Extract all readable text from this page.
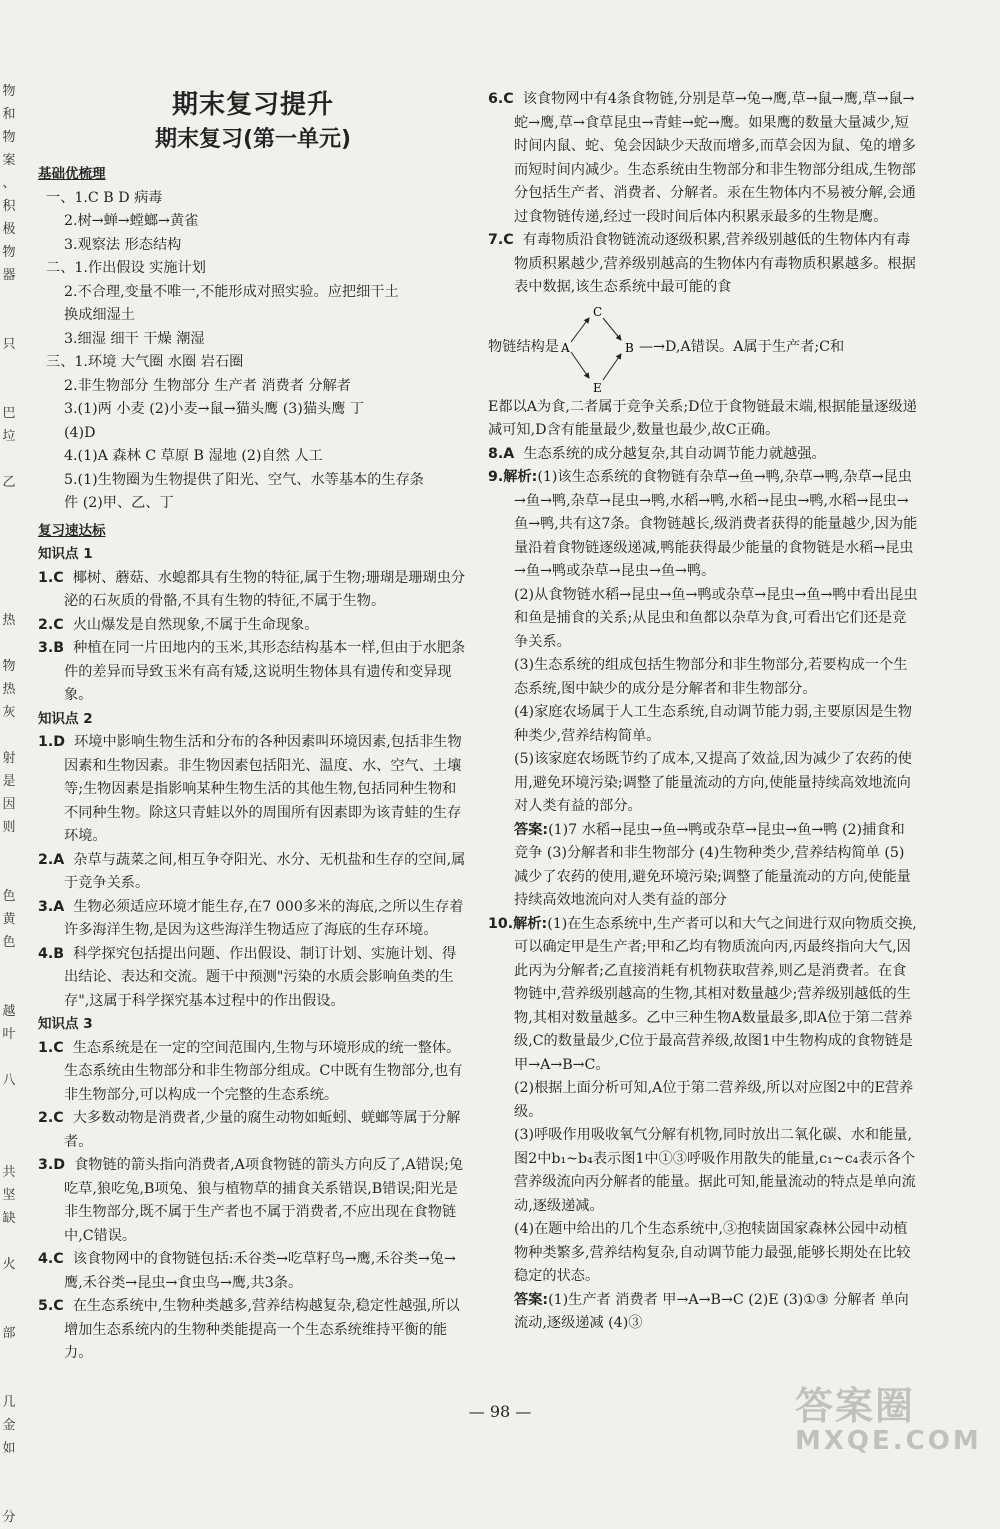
物
和
物
案
、
积
极
物
器
只
巴
垃
乙
热
物
热
灰
射
是
因
则
色
黄
色
越
叶
八
共
坚
缺
火
部
几
金
如
分
期末复习提升
期末复习(第一单元)
基础优梳理
一、1.C B D 病毒
2.树→蝉→螳螂→黄雀
3.观察法 形态结构
二、1.作出假设 实施计划
2.不合理,变量不唯一,不能形成对照实验。应把细干土
换成细湿土
3.细湿 细干 干燥 潮湿
三、1.环境 大气圈 水圈 岩石圈
2.非生物部分 生物部分 生产者 消费者 分解者
3.(1)两 小麦 (2)小麦→鼠→猫头鹰 (3)猫头鹰 丁
(4)D
4.(1)A 森林 C 草原 B 湿地 (2)自然 人工
5.(1)生物圈为生物提供了阳光、空气、水等基本的生存条
件 (2)甲、乙、丁
复习速达标
知识点 1
1.C 椰树、蘑菇、水螅都具有生物的特征,属于生物;珊瑚是珊瑚虫分泌的石灰质的骨骼,不具有生物的特征,不属于生物。
2.C 火山爆发是自然现象,不属于生命现象。
3.B 种植在同一片田地内的玉米,其形态结构基本一样,但由于水肥条件的差异而导致玉米有高有矮,这说明生物体具有遗传和变异现象。
知识点 2
1.D 环境中影响生物生活和分布的各种因素叫环境因素,包括非生物因素和生物因素。非生物因素包括阳光、温度、水、空气、土壤等;生物因素是指影响某种生物生活的其他生物,包括同种生物和不同种生物。除这只青蛙以外的周围所有因素即为该青蛙的生存环境。
2.A 杂草与蔬菜之间,相互争夺阳光、水分、无机盐和生存的空间,属于竞争关系。
3.A 生物必须适应环境才能生存,在7 000多米的海底,之所以生存着许多海洋生物,是因为这些海洋生物适应了海底的生存环境。
4.B 科学探究包括提出问题、作出假设、制订计划、实施计划、得出结论、表达和交流。题干中预测"污染的水质会影响鱼类的生存",这属于科学探究基本过程中的作出假设。
知识点 3
1.C 生态系统是在一定的空间范围内,生物与环境形成的统一整体。生态系统由生物部分和非生物部分组成。C中既有生物部分,也有非生物部分,可以构成一个完整的生态系统。
2.C 大多数动物是消费者,少量的腐生动物如蚯蚓、蜣螂等属于分解者。
3.D 食物链的箭头指向消费者,A项食物链的箭头方向反了,A错误;兔吃草,狼吃兔,B项兔、狼与植物草的捕食关系错误,B错误;阳光是非生物部分,既不属于生产者也不属于消费者,不应出现在食物链中,C错误。
4.C 该食物网中的食物链包括:禾谷类→吃草籽鸟→鹰,禾谷类→兔→鹰,禾谷类→昆虫→食虫鸟→鹰,共3条。
5.C 在生态系统中,生物种类越多,营养结构越复杂,稳定性越强,所以增加生态系统内的生物种类能提高一个生态系统维持平衡的能力。
6.C 该食物网中有4条食物链,分别是草→兔→鹰,草→鼠→鹰,草→鼠→蛇→鹰,草→食草昆虫→青蛙→蛇→鹰。如果鹰的数量大量减少,短时间内鼠、蛇、兔会因缺少天敌而增多,而草会因为鼠、兔的增多而短时间内减少。生态系统由生物部分和非生物部分组成,生物部分包括生产者、消费者、分解者。汞在生物体内不易被分解,会通过食物链传递,经过一段时间后体内积累汞最多的生物是鹰。
7.C 有毒物质沿食物链流动逐级积累,营养级别越低的生物体内有毒物质积累越少,营养级别越高的生物体内有毒物质积累越多。根据表中数据,该生态系统中最可能的食
物链结构是 A
C
E
B —→ D,A错误。A属于生产者;C和
E都以A为食,二者属于竞争关系;D位于食物链最末端,根据能量逐级递减可知,D含有能量最少,数量也最少,故C正确。
8.A 生态系统的成分越复杂,其自动调节能力就越强。
9.解析:(1)该生态系统的食物链有杂草→鱼→鸭,杂草→鸭,杂草→昆虫→鱼→鸭,杂草→昆虫→鸭,水稻→鸭,水稻→昆虫→鸭,水稻→昆虫→鱼→鸭,共有这7条。食物链越长,级消费者获得的能量越少,因为能量沿着食物链逐级递减,鸭能获得最少能量的食物链是水稻→昆虫→鱼→鸭或杂草→昆虫→鱼→鸭。
(2)从食物链水稻→昆虫→鱼→鸭或杂草→昆虫→鱼→鸭中看出昆虫和鱼是捕食的关系;从昆虫和鱼都以杂草为食,可看出它们还是竞争关系。
(3)生态系统的组成包括生物部分和非生物部分,若要构成一个生态系统,图中缺少的成分是分解者和非生物部分。
(4)家庭农场属于人工生态系统,自动调节能力弱,主要原因是生物种类少,营养结构简单。
(5)该家庭农场既节约了成本,又提高了效益,因为减少了农药的使用,避免环境污染;调整了能量流动的方向,使能量持续高效地流向对人类有益的部分。
答案:(1)7 水稻→昆虫→鱼→鸭或杂草→昆虫→鱼→鸭 (2)捕食和竞争 (3)分解者和非生物部分 (4)生物种类少,营养结构简单 (5)减少了农药的使用,避免环境污染;调整了能量流动的方向,使能量持续高效地流向对人类有益的部分
10.解析:(1)在生态系统中,生产者可以和大气之间进行双向物质交换,可以确定甲是生产者;甲和乙均有物质流向丙,丙最终指向大气,因此丙为分解者;乙直接消耗有机物获取营养,则乙是消费者。在食物链中,营养级别越高的生物,其相对数量越少;营养级别越低的生物,其相对数量越多。乙中三种生物A数量最多,即A位于第二营养级,C的数量最少,C位于最高营养级,故图1中生物构成的食物链是甲→A→B→C。
(2)根据上面分析可知,A位于第二营养级,所以对应图2中的E营养级。
(3)呼吸作用吸收氧气分解有机物,同时放出二氧化碳、水和能量,图2中b₁~b₄表示图1中①③呼吸作用散失的能量,c₁~c₄表示各个营养级流向丙分解者的能量。据此可知,能量流动的特点是单向流动,逐级递减。
(4)在题中给出的几个生态系统中,③抱犊崮国家森林公园中动植物种类繁多,营养结构复杂,自动调节能力最强,能够长期处在比较稳定的状态。
答案:(1)生产者 消费者 甲→A→B→C (2)E (3)①③ 分解者 单向流动,逐级递减 (4)③
— 98 —	答案圈
MXQE.COM
